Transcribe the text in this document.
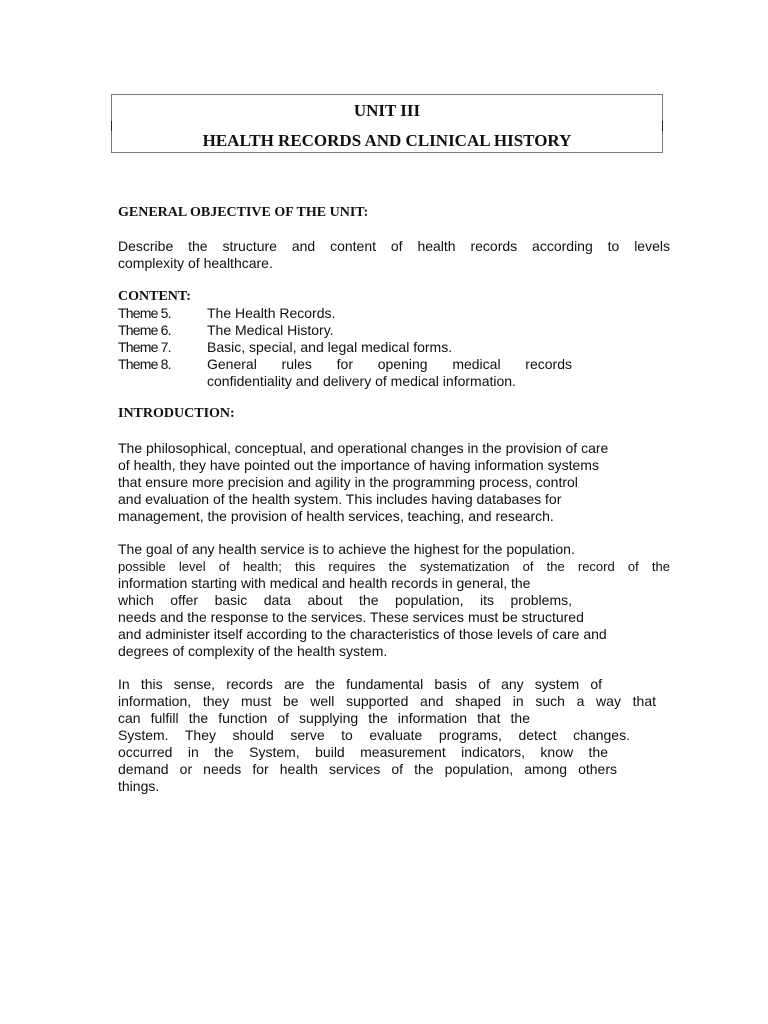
UNIT III
HEALTH RECORDS AND CLINICAL HISTORY
GENERAL OBJECTIVE OF THE UNIT:
Describe the structure and content of health records according to levels
complexity of healthcare.
CONTENT:
Theme 5.	The Health Records.
Theme 6.	The Medical History.
Theme 7.	Basic, special, and legal medical forms.
Theme 8.	General rules for opening medical records
confidentiality and delivery of medical information.
INTRODUCTION:
The philosophical, conceptual, and operational changes in the provision of care
of health, they have pointed out the importance of having information systems
that ensure more precision and agility in the programming process, control
and evaluation of the health system. This includes having databases for
management, the provision of health services, teaching, and research.
The goal of any health service is to achieve the highest for the population.
possible level of health; this requires the systematization of the record of the
information starting with medical and health records in general, the
which offer basic data about the population, its problems,
needs and the response to the services. These services must be structured
and administer itself according to the characteristics of those levels of care and
degrees of complexity of the health system.
In this sense, records are the fundamental basis of any system of
information, they must be well supported and shaped in such a way that
can fulfill the function of supplying the information that the
System. They should serve to evaluate programs, detect changes.
occurred in the System, build measurement indicators, know the
demand or needs for health services of the population, among others
things.
